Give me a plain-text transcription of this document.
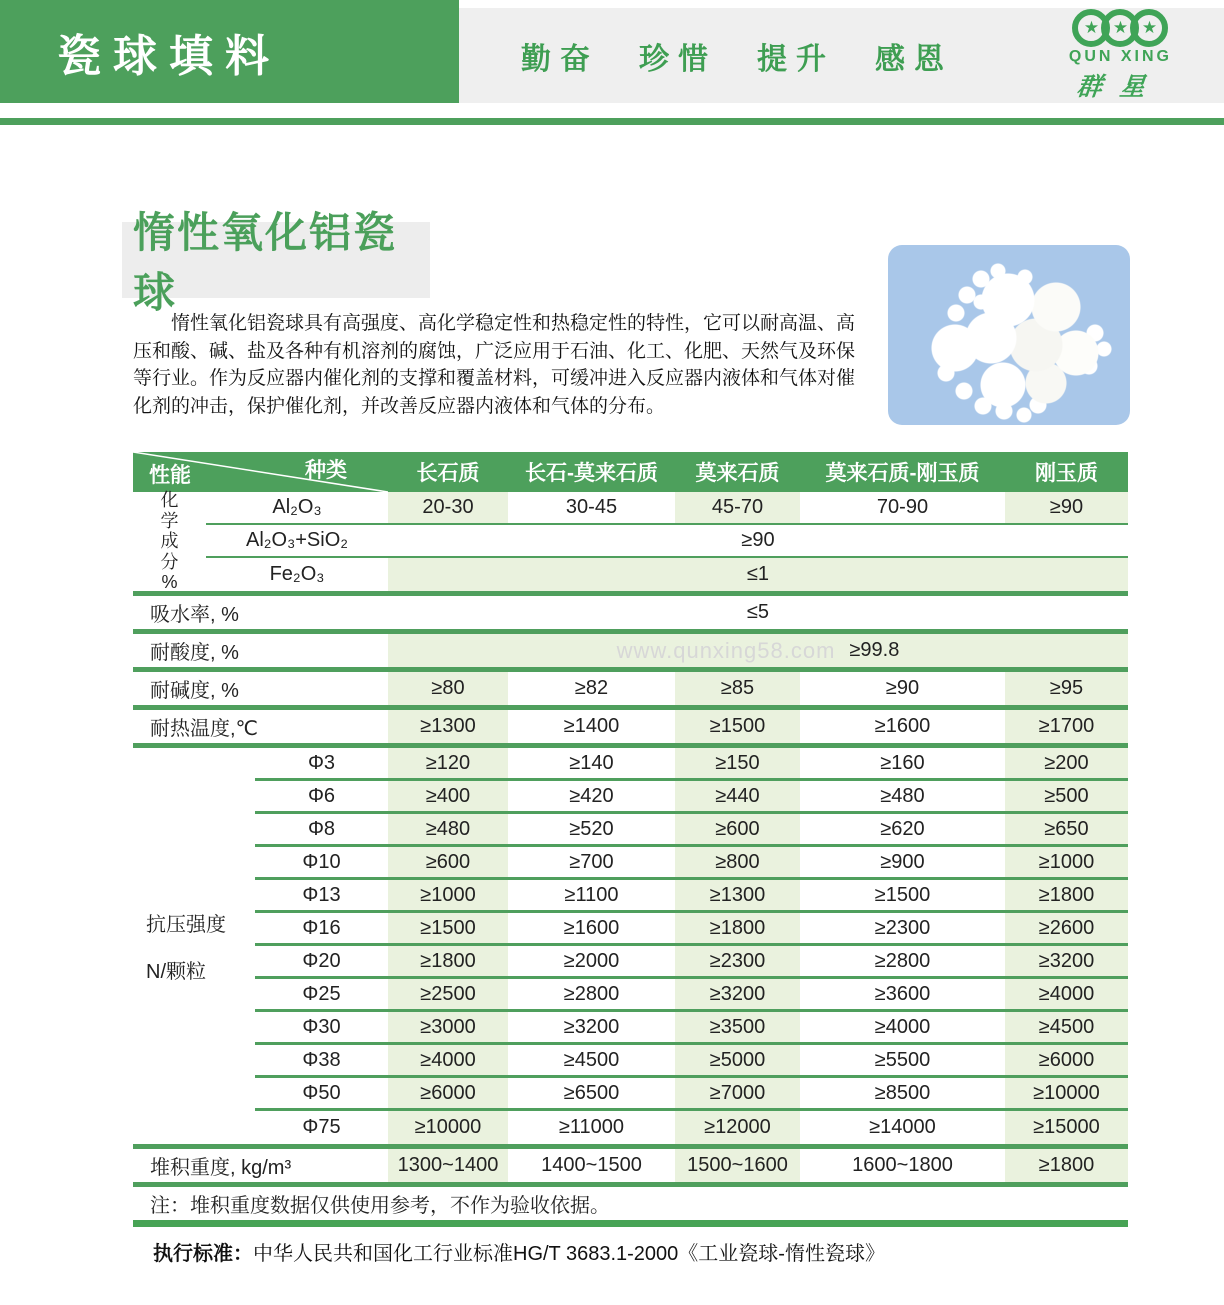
瓷球填料	勤奋 珍惜 提升 感恩
★ ★ ★
QUN XING
群星
惰性氧化铝瓷球

惰性氧化铝瓷球具有高强度、高化学稳定性和热稳定性的特性，它可以耐高温、高压和酸、碱、盐及各种有机溶剂的腐蚀，广泛应用于石油、化工、化肥、天然气及环保等行业。作为反应器内催化剂的支撑和覆盖材料，可缓冲进入反应器内液体和气体对催化剂的冲击，保护催化剂，并改善反应器内液体和气体的分布。

性能	种类	长石质	长石-莫来石质	莫来石质	莫来石质-刚玉质	刚玉质
化
学
成
分
%
Al₂O₃	20-30	30-45	45-70	70-90	≥90
Al₂O₃+SiO₂	≥90
Fe₂O₃	≤1
吸水率, %	≤5
耐酸度, %	www.qunxing58.com ≥99.8
耐碱度, %	≥80	≥82	≥85	≥90	≥95
耐热温度,℃	≥1300	≥1400	≥1500	≥1600	≥1700
抗压强度
N/颗粒
Φ3	≥120	≥140	≥150	≥160	≥200
Φ6	≥400	≥420	≥440	≥480	≥500
Φ8	≥480	≥520	≥600	≥620	≥650
Φ10	≥600	≥700	≥800	≥900	≥1000
Φ13	≥1000	≥1100	≥1300	≥1500	≥1800
Φ16	≥1500	≥1600	≥1800	≥2300	≥2600
Φ20	≥1800	≥2000	≥2300	≥2800	≥3200
Φ25	≥2500	≥2800	≥3200	≥3600	≥4000
Φ30	≥3000	≥3200	≥3500	≥4000	≥4500
Φ38	≥4000	≥4500	≥5000	≥5500	≥6000
Φ50	≥6000	≥6500	≥7000	≥8500	≥10000
Φ75	≥10000	≥11000	≥12000	≥14000	≥15000
堆积重度, kg/m³	1300~1400	1400~1500	1500~1600	1600~1800	≥1800
注：堆积重度数据仅供使用参考，不作为验收依据。
执行标准：中华人民共和国化工行业标准HG/T 3683.1-2000《工业瓷球-惰性瓷球》
